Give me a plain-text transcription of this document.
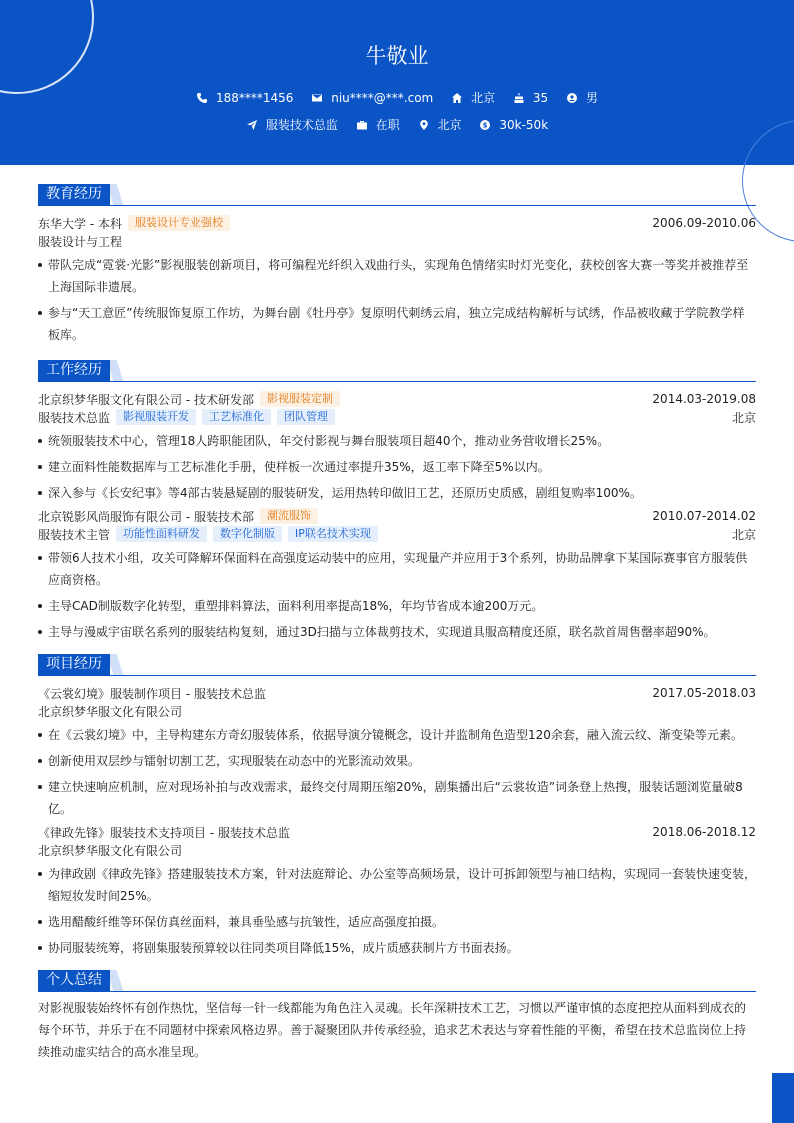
牛敬业
188****1456
	niu****@***.com
	北京
	35
	男
服装技术总监
	在职
	北京
	$ 30k-50k
教育经历
东华大学 - 本科	服装设计专业强校	2006.09-2010.06
服装设计与工程
带队完成“霓裳·光影”影视服装创新项目，将可编程光纤织入戏曲行头，实现角色情绪实时灯光变化，获校创客大赛一等奖并被推荐至上海国际非遗展。
参与“天工意匠”传统服饰复原工作坊，为舞台剧《牡丹亭》复原明代刺绣云肩，独立完成结构解析与试绣，作品被收藏于学院教学样板库。
工作经历
北京织梦华服文化有限公司 - 技术研发部	影视服装定制	2014.03-2019.08
服装技术总监	影视服装开发	工艺标准化	团队管理	北京
统领服装技术中心，管理18人跨职能团队，年交付影视与舞台服装项目超40个，推动业务营收增长25%。
建立面料性能数据库与工艺标准化手册，使样板一次通过率提升35%，返工率下降至5%以内。
深入参与《长安纪事》等4部古装悬疑剧的服装研发，运用热转印做旧工艺，还原历史质感，剧组复购率100%。
北京锐影风尚服饰有限公司 - 服装技术部	潮流服饰	2010.07-2014.02
服装技术主管	功能性面料研发	数字化制版	IP联名技术实现	北京
带领6人技术小组，攻关可降解环保面料在高强度运动装中的应用，实现量产并应用于3个系列，协助品牌拿下某国际赛事官方服装供应商资格。
主导CAD制版数字化转型，重塑排料算法，面料利用率提高18%，年均节省成本逾200万元。
主导与漫威宇宙联名系列的服装结构复刻，通过3D扫描与立体裁剪技术，实现道具服高精度还原，联名款首周售罄率超90%。
项目经历
《云裳幻境》服装制作项目 - 服装技术总监	2017.05-2018.03
北京织梦华服文化有限公司
在《云裳幻境》中，主导构建东方奇幻服装体系，依据导演分镜概念，设计并监制角色造型120余套，融入流云纹、渐变染等元素。
创新使用双层纱与镭射切割工艺，实现服装在动态中的光影流动效果。
建立快速响应机制，应对现场补拍与改戏需求，最终交付周期压缩20%，剧集播出后“云裳妆造”词条登上热搜，服装话题浏览量破8亿。
《律政先锋》服装技术支持项目 - 服装技术总监	2018.06-2018.12
北京织梦华服文化有限公司
为律政剧《律政先锋》搭建服装技术方案，针对法庭辩论、办公室等高频场景，设计可拆卸领型与袖口结构，实现同一套装快速变装，缩短妆发时间25%。
选用醋酸纤维等环保仿真丝面料，兼具垂坠感与抗皱性，适应高强度拍摄。
协同服装统筹，将剧集服装预算较以往同类项目降低15%，成片质感获制片方书面表扬。
个人总结
对影视服装始终怀有创作热忱，坚信每一针一线都能为角色注入灵魂。长年深耕技术工艺，习惯以严谨审慎的态度把控从面料到成衣的每个环节，并乐于在不同题材中探索风格边界。善于凝聚团队并传承经验，追求艺术表达与穿着性能的平衡，希望在技术总监岗位上持续推动虚实结合的高水准呈现。
